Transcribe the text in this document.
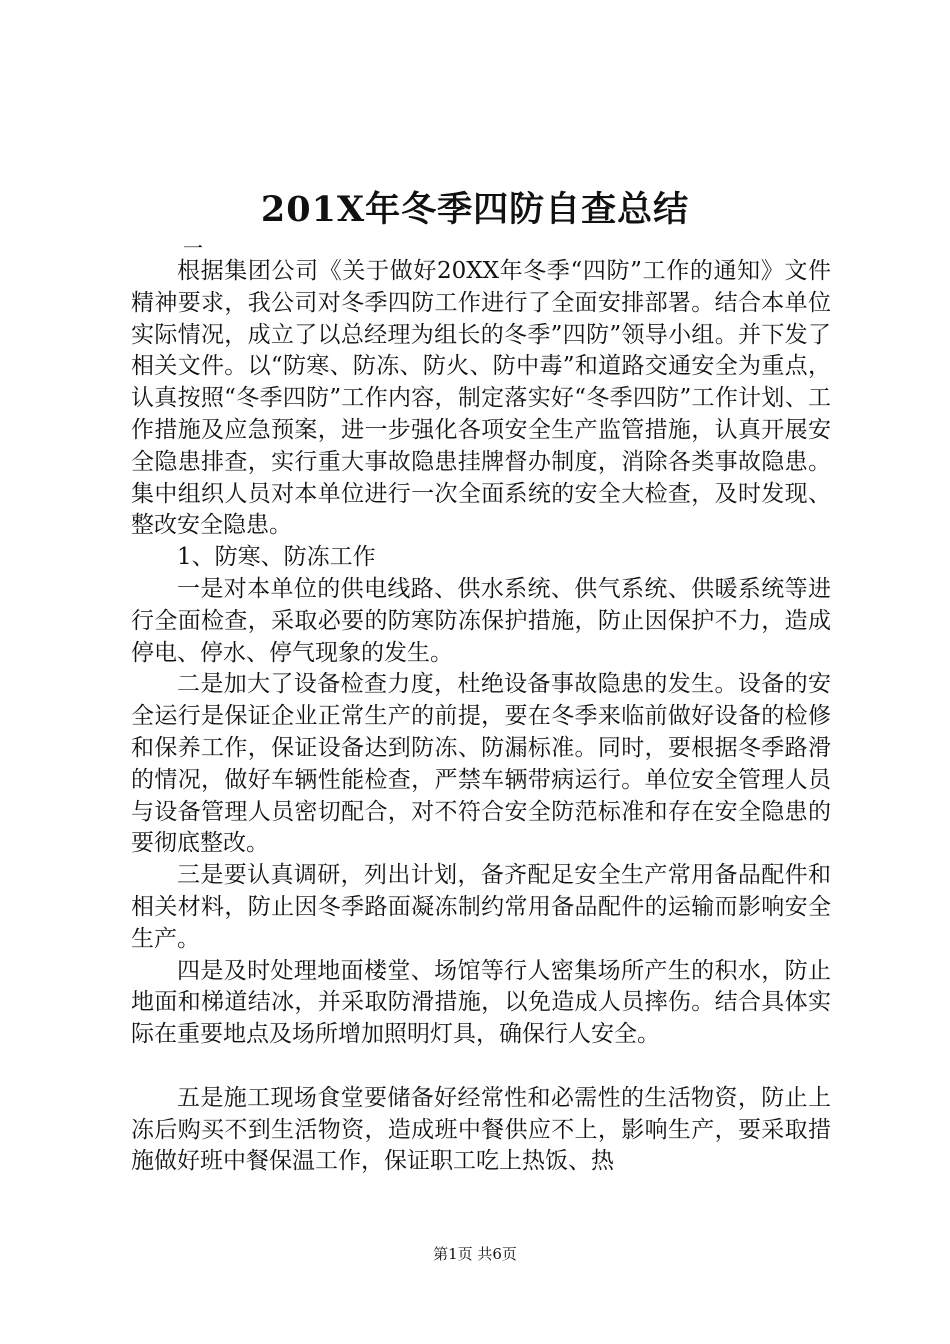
201X年冬季四防自查总结
一

根据集团公司《关于做好20XX年冬季“四防”工作的通知》文件精神要求，我公司对冬季四防工作进行了全面安排部署。结合本单位实际情况，成立了以总经理为组长的冬季”四防”领导小组。并下发了相关文件。以“防寒、防冻、防火、防中毒”和道路交通安全为重点，认真按照“冬季四防”工作内容，制定落实好“冬季四防”工作计划、工作措施及应急预案，进一步强化各项安全生产监管措施，认真开展安全隐患排查，实行重大事故隐患挂牌督办制度，消除各类事故隐患。集中组织人员对本单位进行一次全面系统的安全大检查，及时发现、整改安全隐患。

1、防寒、防冻工作

一是对本单位的供电线路、供水系统、供气系统、供暖系统等进行全面检查，采取必要的防寒防冻保护措施，防止因保护不力，造成停电、停水、停气现象的发生。

二是加大了设备检查力度，杜绝设备事故隐患的发生。设备的安全运行是保证企业正常生产的前提，要在冬季来临前做好设备的检修和保养工作，保证设备达到防冻、防漏标准。同时，要根据冬季路滑的情况，做好车辆性能检查，严禁车辆带病运行。单位安全管理人员与设备管理人员密切配合，对不符合安全防范标准和存在安全隐患的要彻底整改。

三是要认真调研，列出计划，备齐配足安全生产常用备品配件和相关材料，防止因冬季路面凝冻制约常用备品配件的运输而影响安全生产。

四是及时处理地面楼堂、场馆等行人密集场所产生的积水，防止地面和梯道结冰，并采取防滑措施，以免造成人员摔伤。结合具体实际在重要地点及场所增加照明灯具，确保行人安全。

五是施工现场食堂要储备好经常性和必需性的生活物资，防止上冻后购买不到生活物资，造成班中餐供应不上，影响生产，要采取措施做好班中餐保温工作，保证职工吃上热饭、热

第1页 共6页
